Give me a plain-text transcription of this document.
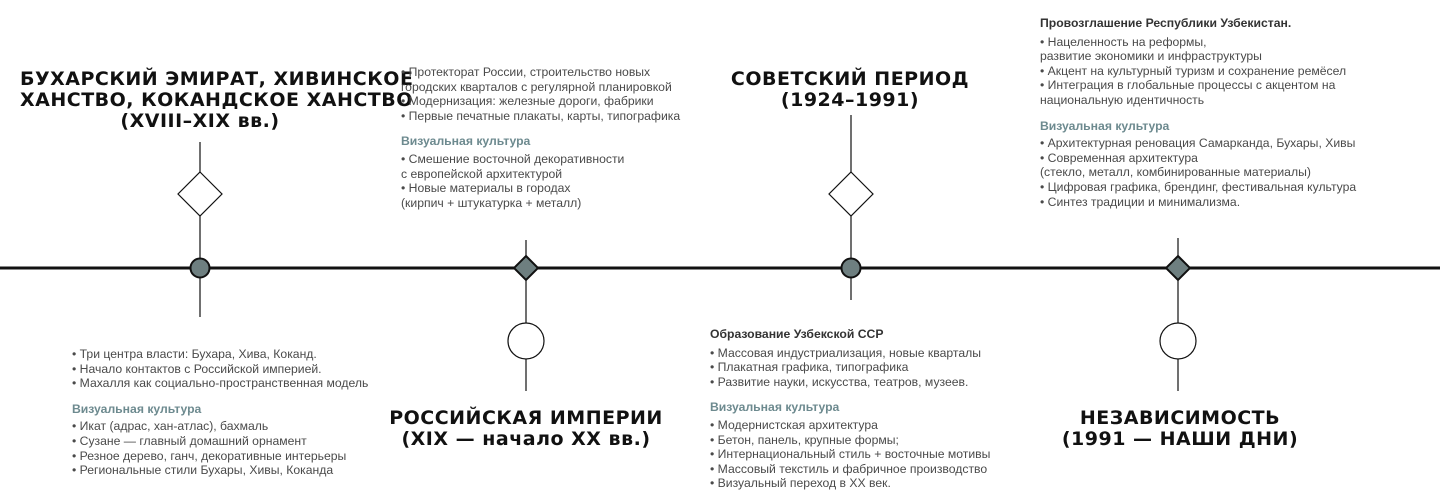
БУХАРСКИЙ ЭМИРАТ, ХИВИНСКОЕ
ХАНСТВО, КОКАНДСКОЕ ХАНСТВО
(XVIII–XIX вв.)
• Три центра власти: Бухара, Хива, Коканд.
• Начало контактов с Российской империей.
• Махалля как социально-пространственная модель
Визуальная культура
• Икат (адрас, хан-атлас), бахмаль
• Сузане — главный домашний орнамент
• Резное дерево, ганч, декоративные интерьеры
• Региональные стили Бухары, Хивы, Коканда
• Протекторат России, строительство новых
городских кварталов с регулярной планировкой
• Модернизация: железные дороги, фабрики
• Первые печатные плакаты, карты, типографика
Визуальная культура
• Смешение восточной декоративности
с европейской архитектурой
• Новые материалы в городах
(кирпич + штукатурка + металл)
РОССИЙСКАЯ ИМПЕРИИ
(XIX — начало XX вв.)
СОВЕТСКИЙ ПЕРИОД
(1924–1991)
Образование Узбекской ССР
• Массовая индустриализация, новые кварталы
• Плакатная графика, типографика
• Развитие науки, искусства, театров, музеев.
Визуальная культура
• Модернистская архитектура
• Бетон, панель, крупные формы;
• Интернациональный стиль + восточные мотивы
• Массовый текстиль и фабричное производство
• Визуальный переход в XX век.
Провозглашение Республики Узбекистан.
• Нацеленность на реформы,
развитие экономики и инфраструктуры
• Акцент на культурный туризм и сохранение ремёсел
• Интеграция в глобальные процессы с акцентом на
национальную идентичность
Визуальная культура
• Архитектурная реновация Самарканда, Бухары, Хивы
• Современная архитектура
(стекло, металл, комбинированные материалы)
• Цифровая графика, брендинг, фестивальная культура
• Синтез традиции и минимализма.
НЕЗАВИСИМОСТЬ
(1991 — НАШИ ДНИ)
